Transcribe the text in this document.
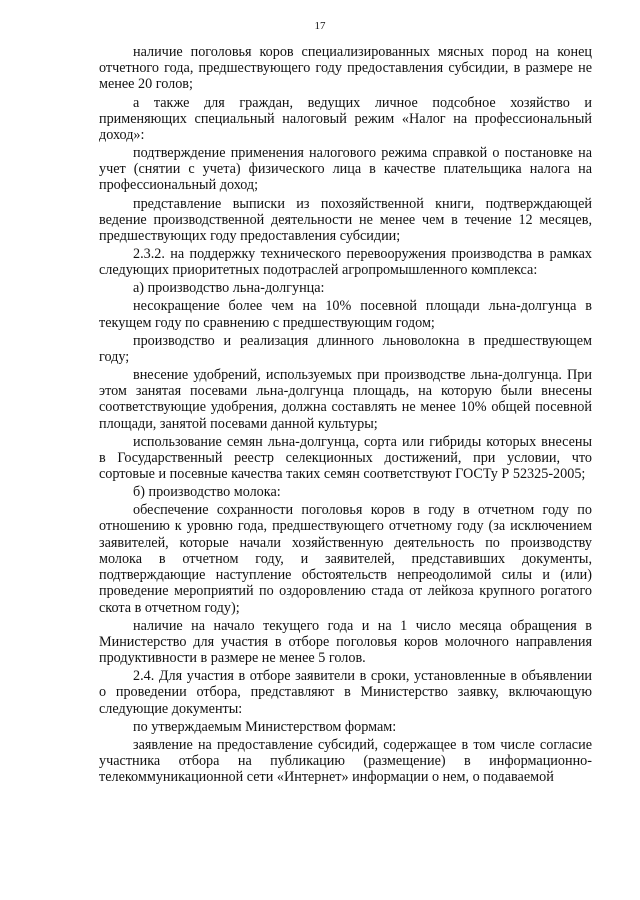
17

наличие поголовья коров специализированных мясных пород на конец отчетного года, предшествующего году предоставления субсидии, в размере не менее 20 голов;

а также для граждан, ведущих личное подсобное хозяйство и применяющих специальный налоговый режим «Налог на профессиональный доход»:

подтверждение применения налогового режима справкой о постановке на учет (снятии с учета) физического лица в качестве плательщика налога на профессиональный доход;

представление выписки из похозяйственной книги, подтверждающей ведение производственной деятельности не менее чем в течение 12 месяцев, предшествующих году предоставления субсидии;

2.3.2. на поддержку технического перевооружения производства в рамках следующих приоритетных подотраслей агропромышленного комплекса:

а) производство льна-долгунца:

несокращение более чем на 10% посевной площади льна-долгунца в текущем году по сравнению с предшествующим годом;

производство и реализация длинного льноволокна в предшествующем году;

внесение удобрений, используемых при производстве льна-долгунца. При этом занятая посевами льна-долгунца площадь, на которую были внесены соответствующие удобрения, должна составлять не менее 10% общей посевной площади, занятой посевами данной культуры;

использование семян льна-долгунца, сорта или гибриды которых внесены в Государственный реестр селекционных достижений, при условии, что сортовые и посевные качества таких семян соответствуют ГОСТу Р 52325-2005;

б) производство молока:

обеспечение сохранности поголовья коров в году в отчетном году по отношению к уровню года, предшествующего отчетному году (за исключением заявителей, которые начали хозяйственную деятельность по производству молока в отчетном году, и заявителей, представивших документы, подтверждающие наступление обстоятельств непреодолимой силы и (или) проведение мероприятий по оздоровлению стада от лейкоза крупного рогатого скота в отчетном году);

наличие на начало текущего года и на 1 число месяца обращения в Министерство для участия в отборе поголовья коров молочного направления продуктивности в размере не менее 5 голов.

2.4. Для участия в отборе заявители в сроки, установленные в объявлении о проведении отбора, представляют в Министерство заявку, включающую следующие документы:

по утверждаемым Министерством формам:

заявление на предоставление субсидий, содержащее в том числе согласие участника отбора на публикацию (размещение) в информационно-телекоммуникационной сети «Интернет» информации о нем, о подаваемой
